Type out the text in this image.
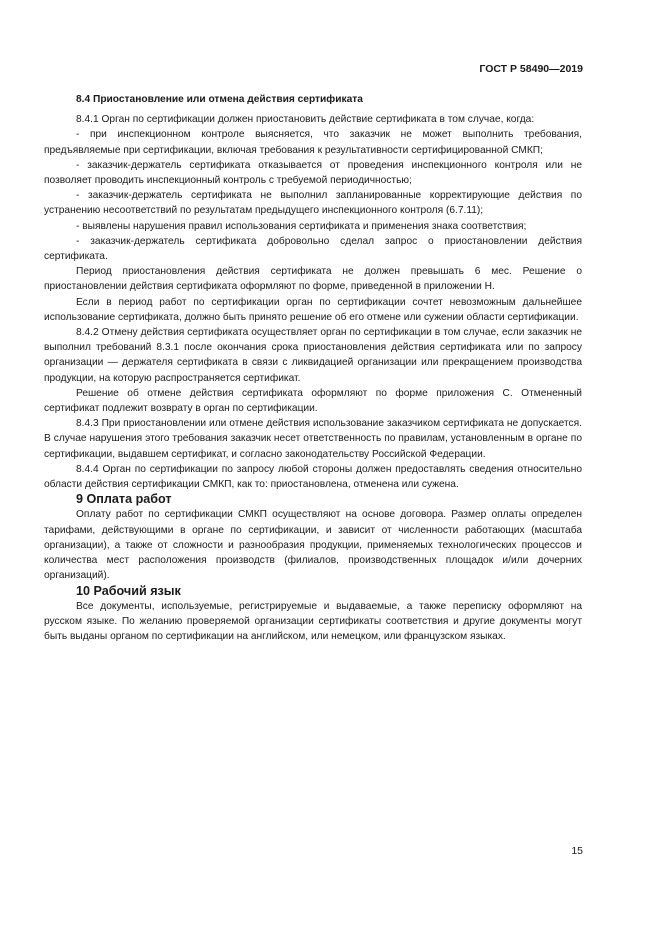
ГОСТ Р 58490—2019
8.4 Приостановление или отмена действия сертификата

8.4.1 Орган по сертификации должен приостановить действие сертификата в том случае, когда:

- при инспекционном контроле выясняется, что заказчик не может выполнить требования, предъявляемые при сертификации, включая требования к результативности сертифицированной СМКП;

- заказчик-держатель сертификата отказывается от проведения инспекционного контроля или не позволяет проводить инспекционный контроль с требуемой периодичностью;

- заказчик-держатель сертификата не выполнил запланированные корректирующие действия по устранению несоответствий по результатам предыдущего инспекционного контроля (6.7.11);

- выявлены нарушения правил использования сертификата и применения знака соответствия;

- заказчик-держатель сертификата добровольно сделал запрос о приостановлении действия сертификата.

Период приостановления действия сертификата не должен превышать 6 мес. Решение о приостановлении действия сертификата оформляют по форме, приведенной в приложении Н.

Если в период работ по сертификации орган по сертификации сочтет невозможным дальнейшее использование сертификата, должно быть принято решение об его отмене или сужении области сертификации.

8.4.2 Отмену действия сертификата осуществляет орган по сертификации в том случае, если заказчик не выполнил требований 8.3.1 после окончания срока приостановления действия сертификата или по запросу организации — держателя сертификата в связи с ликвидацией организации или прекращением производства продукции, на которую распространяется сертификат.

Решение об отмене действия сертификата оформляют по форме приложения С. Отмененный сертификат подлежит возврату в орган по сертификации.

8.4.3 При приостановлении или отмене действия использование заказчиком сертификата не допускается. В случае нарушения этого требования заказчик несет ответственность по правилам, установленным в органе по сертификации, выдавшем сертификат, и согласно законодательству Российской Федерации.

8.4.4 Орган по сертификации по запросу любой стороны должен предоставлять сведения относительно области действия сертификации СМКП, как то: приостановлена, отменена или сужена.

9 Оплата работ

Оплату работ по сертификации СМКП осуществляют на основе договора. Размер оплаты определен тарифами, действующими в органе по сертификации, и зависит от численности работающих (масштаба организации), а также от сложности и разнообразия продукции, применяемых технологических процессов и количества мест расположения производств (филиалов, производственных площадок и/или дочерних организаций).

10 Рабочий язык

Все документы, используемые, регистрируемые и выдаваемые, а также переписку оформляют на русском языке. По желанию проверяемой организации сертификаты соответствия и другие документы могут быть выданы органом по сертификации на английском, или немецком, или французском языках.

15
